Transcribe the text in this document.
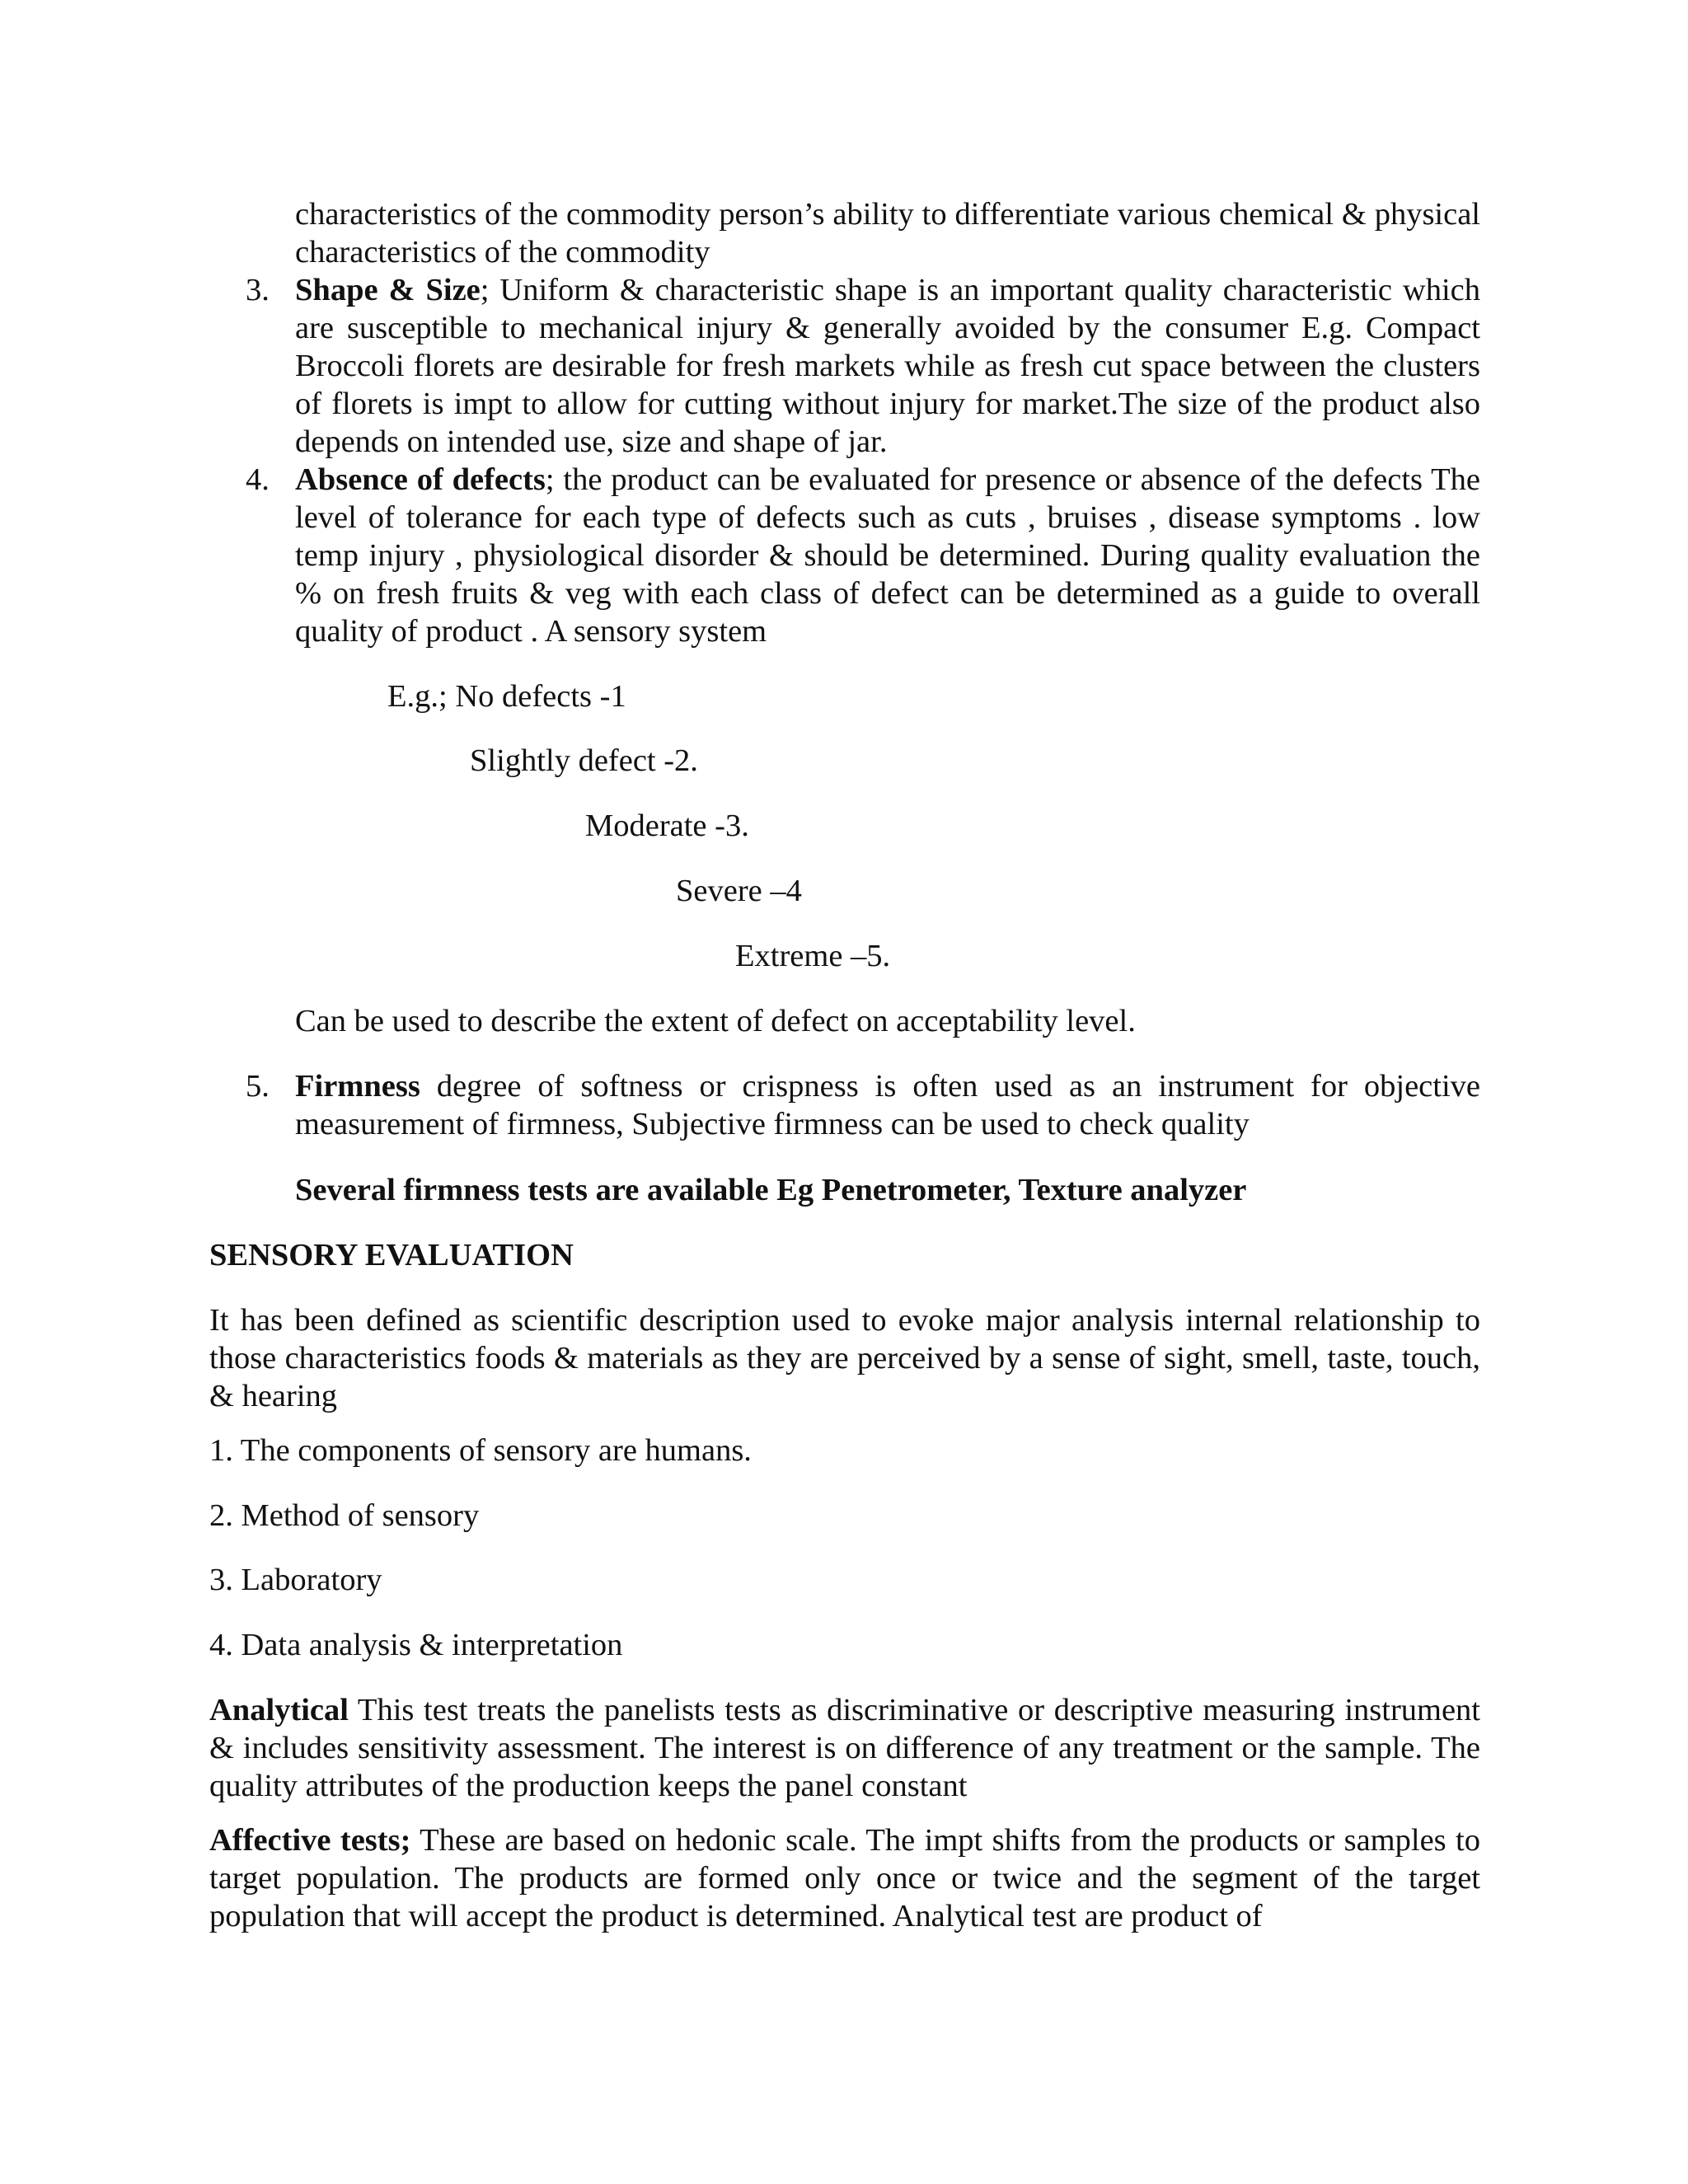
characteristics of the commodity person’s ability to differentiate various chemical & physical characteristics of the commodity

3. Shape & Size; Uniform & characteristic shape is an important quality characteristic which are susceptible to mechanical injury & generally avoided by the consumer E.g. Compact Broccoli florets are desirable for fresh markets while as fresh cut space between the clusters of florets is impt to allow for cutting without injury for market.The size of the product also depends on intended use, size and shape of jar.

4. Absence of defects; the product can be evaluated for presence or absence of the defects The level of tolerance for each type of defects such as cuts , bruises , disease symptoms . low temp injury , physiological disorder & should be determined. During quality evaluation the % on fresh fruits & veg with each class of defect can be determined as a guide to overall quality of product . A sensory system

E.g.; No defects -1
Slightly defect -2.
Moderate -3.
Severe –4
Extreme –5.

Can be used to describe the extent of defect on acceptability level.

5. Firmness degree of softness or crispness is often used as an instrument for objective measurement of firmness, Subjective firmness can be used to check quality

Several firmness tests are available Eg Penetrometer, Texture analyzer

SENSORY EVALUATION

It has been defined as scientific description used to evoke major analysis internal relationship to those characteristics foods & materials as they are perceived by a sense of sight, smell, taste, touch, & hearing

1. The components of sensory are humans.

2. Method of sensory

3. Laboratory

4. Data analysis & interpretation

Analytical This test treats the panelists tests as discriminative or descriptive measuring instrument & includes sensitivity assessment. The interest is on difference of any treatment or the sample. The quality attributes of the production keeps the panel constant

Affective tests; These are based on hedonic scale. The impt shifts from the products or samples to target population. The products are formed only once or twice and the segment of the target population that will accept the product is determined. Analytical test are product of
